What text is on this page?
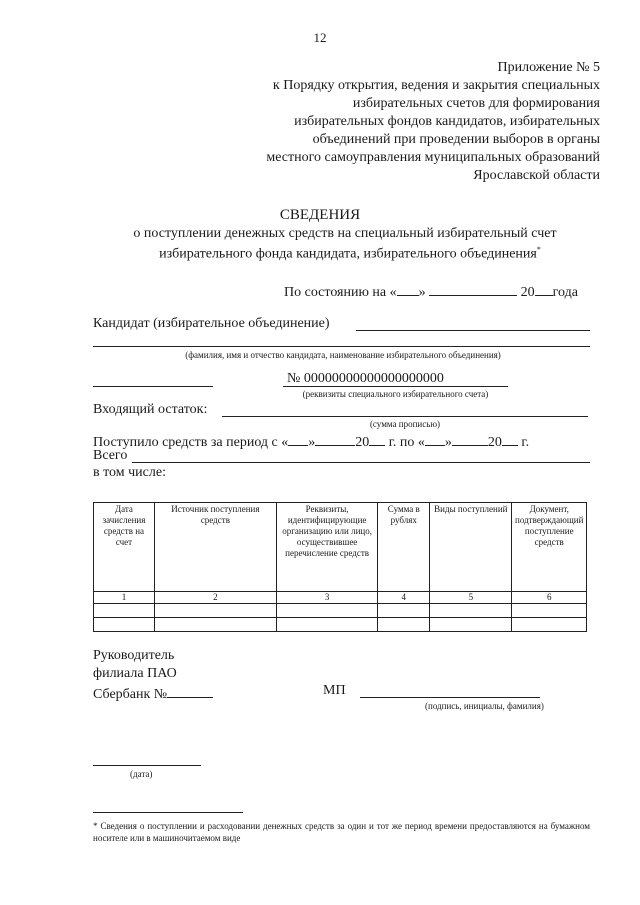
12
Приложение № 5
к Порядку открытия, ведения и закрытия специальных
избирательных счетов для формирования
избирательных фондов кандидатов, избирательных
объединений при проведении выборов в органы
местного самоуправления муниципальных образований
Ярославской области
СВЕДЕНИЯ
о поступлении денежных средств на специальный избирательный счет
избирательного фонда кандидата, избирательного объединения*
По состоянию на « »	20 года
Кандидат (избирательное объединение)
(фамилия, имя и отчество кандидата, наименование избирательного объединения)
№ 00000000000000000000
(реквизиты специального избирательного счета)
Входящий остаток:
(сумма прописью)
Поступило средств за период с « »	20 г. по « »	20 г.
Всего
в том числе:
Дата зачисления средств на счет	Источник поступления средств	Реквизиты, идентифицирующие организацию или лицо, осуществившее перечисление средств	Сумма в рублях	Виды поступлений	Документ, подтверждающий поступление средств
1	2	3	4	5	6

Руководитель
филиала ПАО
Сбербанк №	МП
(подпись, инициалы, фамилия)
(дата)
* Сведения о поступлении и расходовании денежных средств за один и тот же период времени предоставляются на бумажном носителе или в машиночитаемом виде
